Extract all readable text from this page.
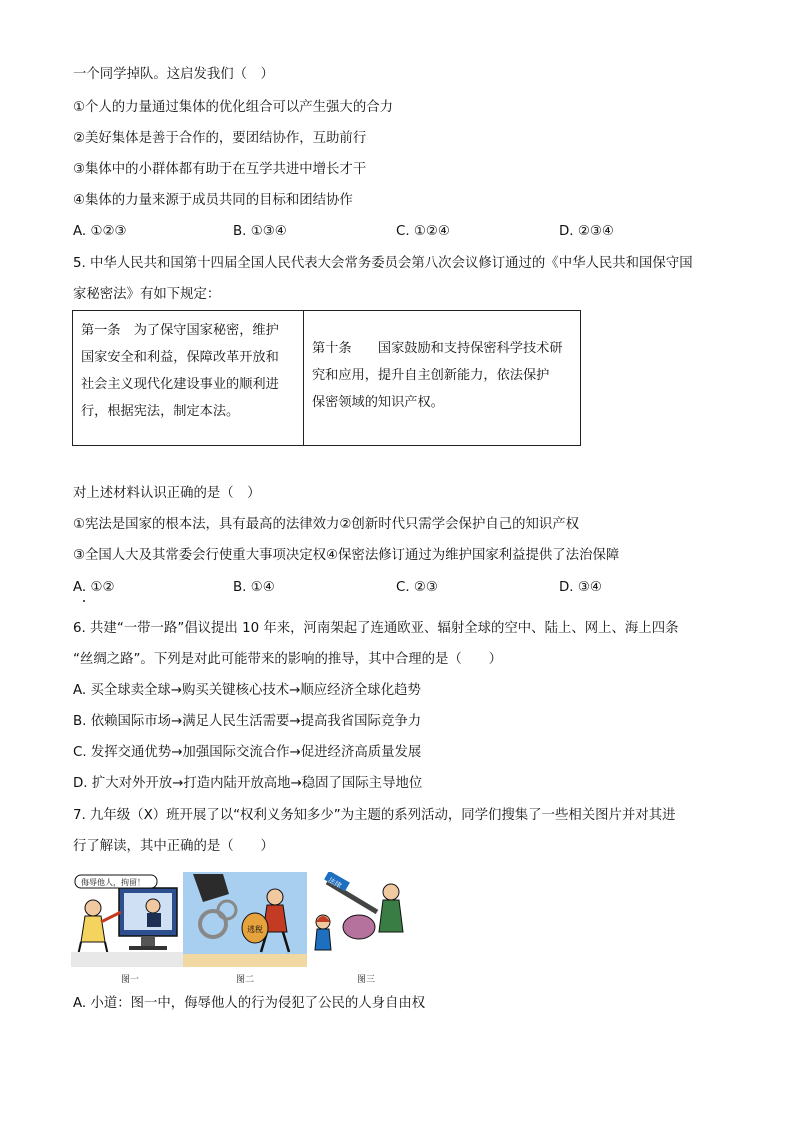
一个同学掉队。这启发我们（　）
①个人的力量通过集体的优化组合可以产生强大的合力
②美好集体是善于合作的，要团结协作，互助前行
③集体中的小群体都有助于在互学共进中增长才干
④集体的力量来源于成员共同的目标和团结协作
A. ①②③	B. ①③④	C. ①②④	D. ②③④
5. 中华人民共和国第十四届全国人民代表大会常务委员会第八次会议修订通过的《中华人民共和国保守国
家秘密法》有如下规定：
第一条　为了保守国家秘密，维护
国家安全和利益，保障改革开放和
社会主义现代化建设事业的顺利进
行，根据宪法，制定本法。
第十条　　国家鼓励和支持保密科学技术研
究和应用，提升自主创新能力，依法保护
保密领域的知识产权。
对上述材料认识正确的是（　）
①宪法是国家的根本法，具有最高的法律效力②创新时代只需学会保护自己的知识产权
③全国人大及其常委会行使重大事项决定权④保密法修订通过为维护国家利益提供了法治保障
A. ①②	B. ①④	C. ②③	D. ③④
6. 共建“一带一路”倡议提出 10 年来，河南架起了连通欧亚、辐射全球的空中、陆上、网上、海上四条
“丝绸之路”。下列是对此可能带来的影响的推导，其中合理的是（　　）
A. 买全球卖全球→购买关键核心技术→顺应经济全球化趋势
B. 依赖国际市场→满足人民生活需要→提高我省国际竞争力
C. 发挥交通优势→加强国际交流合作→促进经济高质量发展
D. 扩大对外开放→打造内陆开放高地→稳固了国际主导地位
7. 九年级（X）班开展了以“权利义务知多少”为主题的系列活动，同学们搜集了一些相关图片并对其进
行了解读，其中正确的是（　　）
侮辱他人，拘留！
逃税
法律
图一	图二	图三
A. 小道：图一中，侮辱他人的行为侵犯了公民的人身自由权
